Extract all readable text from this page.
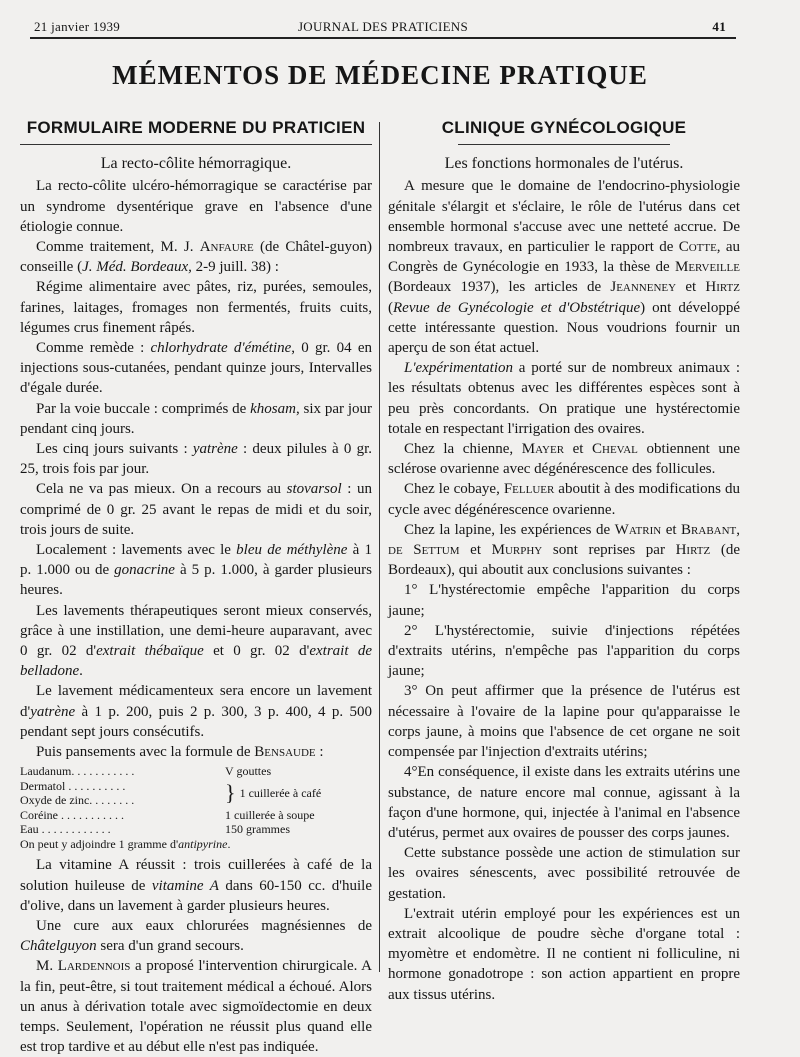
21 janvier 1939	JOURNAL DES PRATICIENS	41
MÉMENTOS DE MÉDECINE PRATIQUE
FORMULAIRE MODERNE DU PRATICIEN
La recto-côlite hémorragique.

La recto-côlite ulcéro-hémorragique se caractérise par un syndrome dysentérique grave en l'absence d'une étiologie connue.

Comme traitement, M. J. Anfaure (de Châtel-guyon) conseille (J. Méd. Bordeaux, 2-9 juill. 38) :

Régime alimentaire avec pâtes, riz, purées, semoules, farines, laitages, fromages non fermentés, fruits cuits, légumes crus finement râpés.

Comme remède : chlorhydrate d'émétine, 0 gr. 04 en injections sous-cutanées, pendant quinze jours, Intervalles d'égale durée.

Par la voie buccale : comprimés de khosam, six par jour pendant cinq jours.

Les cinq jours suivants : yatrène : deux pilules à 0 gr. 25, trois fois par jour.

Cela ne va pas mieux. On a recours au stovarsol : un comprimé de 0 gr. 25 avant le repas de midi et du soir, trois jours de suite.

Localement : lavements avec le bleu de méthylène à 1 p. 1.000 ou de gonacrine à 5 p. 1.000, à garder plusieurs heures.

Les lavements thérapeutiques seront mieux conservés, grâce à une instillation, une demi-heure auparavant, avec 0 gr. 02 d'extrait thébaïque et 0 gr. 02 d'extrait de belladone.

Le lavement médicamenteux sera encore un lavement d'yatrène à 1 p. 200, puis 2 p. 300, 3 p. 400, 4 p. 500 pendant sept jours consécutifs.

Puis pansements avec la formule de Bensaude :

Laudanum. . . . . . . . . . .	V gouttes
Dermatol . . . . . . . . . .
Oxyde de zinc. . . . . . . .	} 1 cuillerée à café
Coréine . . . . . . . . . . .	1 cuillerée à soupe
Eau . . . . . . . . . . . .	150 grammes
On peut y adjoindre 1 gramme d'antipyrine.

La vitamine A réussit : trois cuillerées à café de la solution huileuse de vitamine A dans 60-150 cc. d'huile d'olive, dans un lavement à garder plusieurs heures.

Une cure aux eaux chlorurées magnésiennes de Châtelguyon sera d'un grand secours.

M. Lardennois a proposé l'intervention chirurgicale. A la fin, peut-être, si tout traitement médical a échoué. Alors un anus à dérivation totale avec sigmoïdectomie en deux temps. Seulement, l'opération ne réussit plus quand elle est trop tardive et au début elle n'est pas indiquée.

CLINIQUE GYNÉCOLOGIQUE
Les fonctions hormonales de l'utérus.

A mesure que le domaine de l'endocrino-physiologie génitale s'élargit et s'éclaire, le rôle de l'utérus dans cet ensemble hormonal s'accuse avec une netteté accrue. De nombreux travaux, en particulier le rapport de Cotte, au Congrès de Gynécologie en 1933, la thèse de Merveille (Bordeaux 1937), les articles de Jeanneney et Hirtz (Revue de Gynécologie et d'Obstétrique) ont développé cette intéressante question. Nous voudrions fournir un aperçu de son état actuel.

L'expérimentation a porté sur de nombreux animaux : les résultats obtenus avec les différentes espèces sont à peu près concordants. On pratique une hystérectomie totale en respectant l'irrigation des ovaires.

Chez la chienne, Mayer et Cheval obtiennent une sclérose ovarienne avec dégénérescence des follicules.

Chez le cobaye, Felluer aboutit à des modifications du cycle avec dégénérescence ovarienne.

Chez la lapine, les expériences de Watrin et Brabant, de Settum et Murphy sont reprises par Hirtz (de Bordeaux), qui aboutit aux conclusions suivantes :

1° L'hystérectomie empêche l'apparition du corps jaune;

2° L'hystérectomie, suivie d'injections répétées d'extraits utérins, n'empêche pas l'apparition du corps jaune;

3° On peut affirmer que la présence de l'utérus est nécessaire à l'ovaire de la lapine pour qu'apparaisse le corps jaune, à moins que l'absence de cet organe ne soit compensée par l'injection d'extraits utérins;

4°En conséquence, il existe dans les extraits utérins une substance, de nature encore mal connue, agissant à la façon d'une hormone, qui, injectée à l'animal en l'absence d'utérus, permet aux ovaires de pousser des corps jaunes.

Cette substance possède une action de stimulation sur les ovaires sénescents, avec possibilité retrouvée de gestation.

L'extrait utérin employé pour les expériences est un extrait alcoolique de poudre sèche d'organe total : myomètre et endomètre. Il ne contient ni folliculine, ni hormone gonadotrope : son action appartient en propre aux tissus utérins.
